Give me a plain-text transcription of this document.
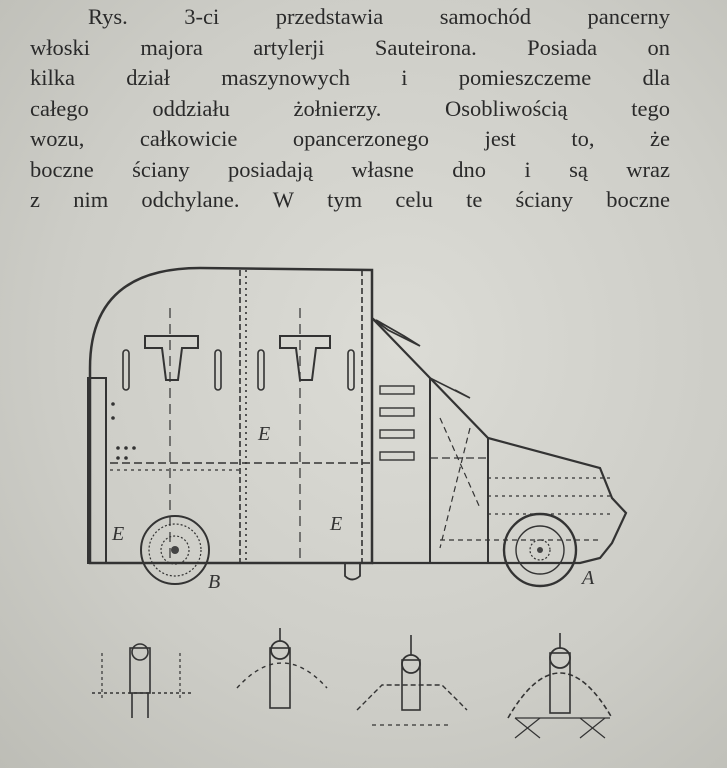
Rys.	3-ci	przedstawia	samochód	pancerny
włoski majora artylerji Sauteirona. Posiada on
kilka dział maszynowych i pomieszczeme dla
całego	oddziału	żołnierzy.	Osobliwością	tego
wozu, całkowicie opancerzonego jest to, że
boczne ściany posiadają własne dno i są wraz
z nim odchylane. W tym celu te ściany boczne
E
E
E
B	A
